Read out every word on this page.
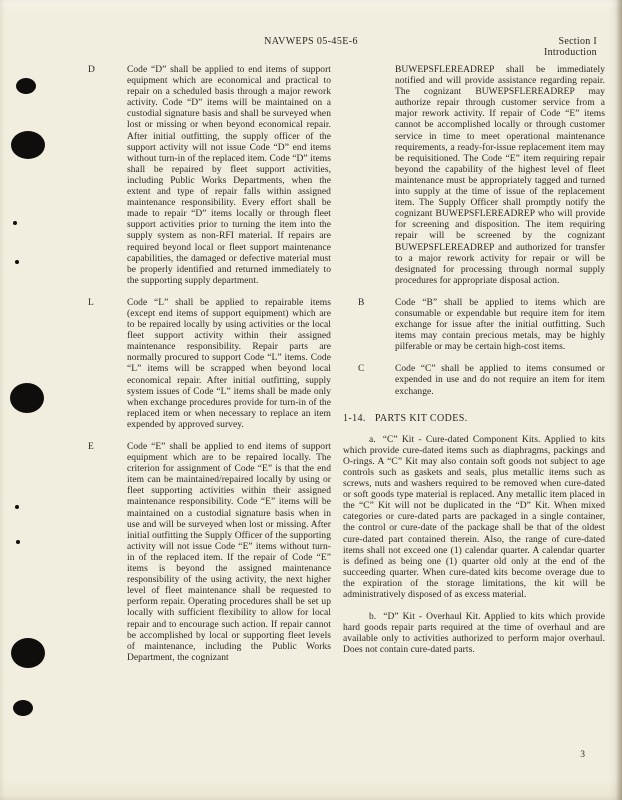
NAVWEPS 05-45E-6	Section I
Introduction
D	Code “D” shall be applied to end items of support equipment which are economical and practical to repair on a scheduled basis through a major rework activity. Code “D” items will be maintained on a custodial signature basis and shall be surveyed when lost or missing or when beyond economical repair. After initial outfitting, the supply officer of the support activity will not issue Code “D” end items without turn-in of the replaced item. Code “D” items shall be repaired by fleet support activities, including Public Works Departments, when the extent and type of repair falls within assigned maintenance responsibility. Every effort shall be made to repair “D” items locally or through fleet support activities prior to turning the item into the supply system as non-RFI material. If repairs are required beyond local or fleet support maintenance capabilities, the damaged or defective material must be properly identified and returned immediately to the supporting supply department.
L	Code “L” shall be applied to repairable items (except end items of support equipment) which are to be repaired locally by using activities or the local fleet support activity within their assigned maintenance responsibility. Repair parts are normally procured to support Code “L” items. Code “L” items will be scrapped when beyond local economical repair. After initial outfitting, supply system issues of Code “L” items shall be made only when exchange procedures provide for turn-in of the replaced item or when necessary to replace an item expended by approved survey.
E	Code “E” shall be applied to end items of support equipment which are to be repaired locally. The criterion for assignment of Code “E” is that the end item can be maintained/repaired locally by using or fleet supporting activities within their assigned maintenance responsibility. Code “E” items will be maintained on a custodial signature basis when in use and will be surveyed when lost or missing. After initial outfitting the Supply Officer of the supporting activity will not issue Code “E” items without turn-in of the replaced item. If the repair of Code “E” items is beyond the assigned maintenance responsibility of the using activity, the next higher level of fleet maintenance shall be requested to perform repair. Operating procedures shall be set up locally with sufficient flexibility to allow for local repair and to encourage such action. If repair cannot be accomplished by local or supporting fleet levels of maintenance, including the Public Works Department, the cognizant
BUWEPSFLEREADREP shall be immediately notified and will provide assistance regarding repair. The cognizant BUWEPSFLEREADREP may authorize repair through customer service from a major rework activity. If repair of Code “E” items cannot be accomplished locally or through customer service in time to meet operational maintenance requirements, a ready-for-issue replacement item may be requisitioned. The Code “E” item requiring repair beyond the capability of the highest level of fleet maintenance must be appropriately tagged and turned into supply at the time of issue of the replacement item. The Supply Officer shall promptly notify the cognizant BUWEPSFLEREADREP who will provide for screening and disposition. The item requiring repair will be screened by the cognizant BUWEPSFLEREADREP and authorized for transfer to a major rework activity for repair or will be designated for processing through normal supply procedures for appropriate disposal action.
B	Code “B” shall be applied to items which are consumable or expendable but require item for item exchange for issue after the initial outfitting. Such items may contain precious metals, may be highly pilferable or may be certain high-cost items.
C	Code “C” shall be applied to items consumed or expended in use and do not require an item for item exchange.
1-14. PARTS KIT CODES.
a. “C” Kit - Cure-dated Component Kits. Applied to kits which provide cure-dated items such as diaphragms, packings and O-rings. A “C” Kit may also contain soft goods not subject to age controls such as gaskets and seals, plus metallic items such as screws, nuts and washers required to be removed when cure-dated or soft goods type material is replaced. Any metallic item placed in the “C” Kit will not be duplicated in the “D” Kit. When mixed categories or cure-dated parts are packaged in a single container, the control or cure-date of the package shall be that of the oldest cure-dated part contained therein. Also, the range of cure-dated items shall not exceed one (1) calendar quarter. A calendar quarter is defined as being one (1) quarter old only at the end of the succeeding quarter. When cure-dated kits become overage due to the expiration of the storage limitations, the kit will be administratively disposed of as excess material.
b. “D” Kit - Overhaul Kit. Applied to kits which provide hard goods repair parts required at the time of overhaul and are available only to activities authorized to perform major overhaul. Does not contain cure-dated parts.
3
